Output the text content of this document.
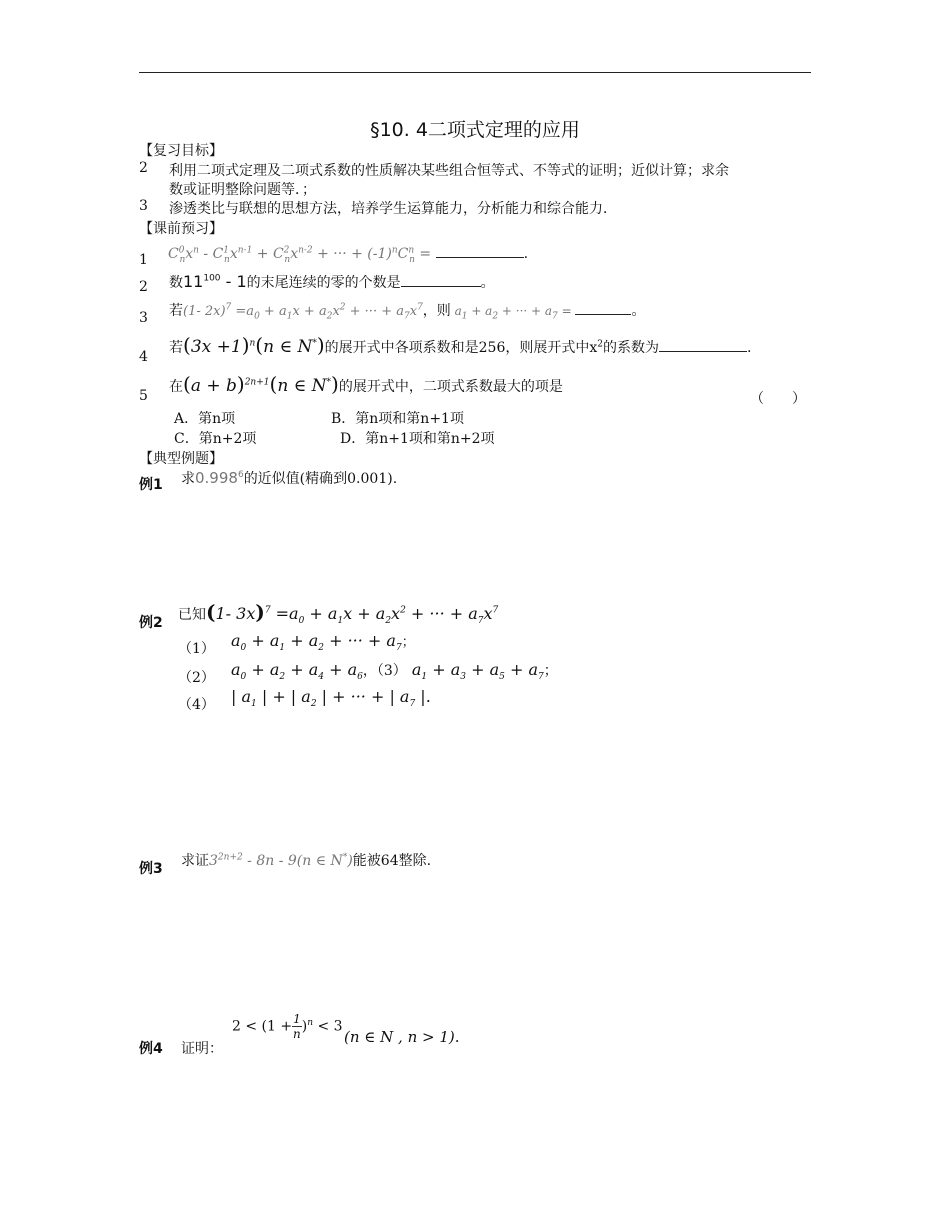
§10. 4二项式定理的应用
【复习目标】
2	利用二项式定理及二项式系数的性质解决某些组合恒等式、不等式的证明；近似计算；求余
数或证明整除问题等．；
3	渗透类比与联想的思想方法，培养学生运算能力，分析能力和综合能力．
【课前预习】
1	$C^0_nx^n - C^1_nx^{n-1} + C^2_nx^{n-2}$ + ··· + $(-1)^nC^n_n$ =	.
2	数$11^{100} - 1$的末尾连续的零的个数是	。
3	若(1- $2x)^7 =a_0 + a_1x + a_2x^2$ + ··· + $a_7x^7$，则 $a_1 + a_2$ + ··· + $a_7$ =	。
4
若$(3x +1)^n(n$ ∈ N*)的展开式中各项系数和是256，则展开式中$x^2$的系数为	.
5
在$(a + b)^{2n+1}(n$ ∈ N*)的展开式中，二项式系数最大的项是
（　　）
A．第n项	B．第n项和第n+1项
C．第n+2项	D．第n+1项和第n+2项
【典型例题】
例1 求0.998$^6$的近似值(精确到0.001).
例2 已知(1- $3x)^7 =a_0 + a_1x + a_2x^2$ + ··· + $a_7x^7$
（1） $a_0 + a_1 + a_2$ + ··· + $a_7$；
（2） $a_0 + a_2 + a_4 + a_6$，（3） $a_1 + a_3 + a_5 + a_7$；
（4） | $a_1$ | + | $a_2$ | + ··· + | $a_7$ |.
例3 求证$3^{2n+2} - 8n - 9(n$ ∈ N*)能被64整除.
例4 证明：
$2 < (1 + \frac{1}{n} )^n < 3$
(n ∈ N , n > 1).
